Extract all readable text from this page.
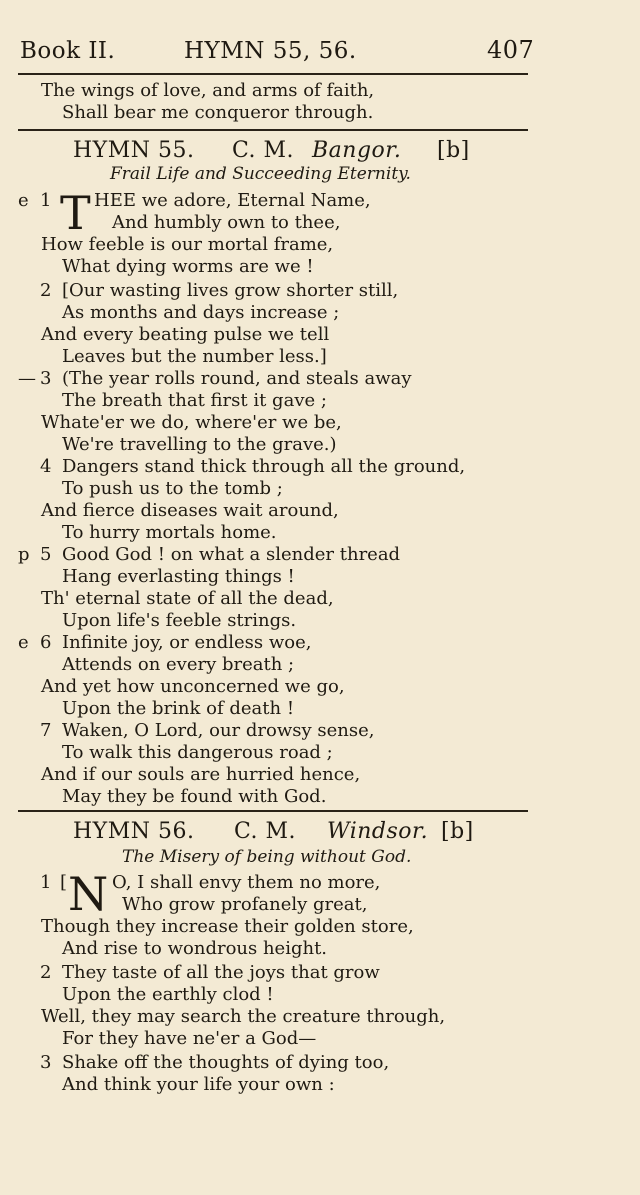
Book II.	HYMN 55, 56.	407
The wings of love, and arms of faith,
Shall bear me conqueror through.
HYMN 55. C. M. Bangor. [b]
Frail Life and Succeeding Eternity.
e 1 T HEE we adore, Eternal Name,
And humbly own to thee,
How feeble is our mortal frame,
What dying worms are we !
2 [Our wasting lives grow shorter still,
As months and days increase ;
And every beating pulse we tell
Leaves but the number less.]
— 3 (The year rolls round, and steals away
The breath that first it gave ;
Whate'er we do, where'er we be,
We're travelling to the grave.)
4 Dangers stand thick through all the ground,
To push us to the tomb ;
And fierce diseases wait around,
To hurry mortals home.
p 5 Good God ! on what a slender thread
Hang everlasting things !
Th' eternal state of all the dead,
Upon life's feeble strings.
e 6 Infinite joy, or endless woe,
Attends on every breath ;
And yet how unconcerned we go,
Upon the brink of death !
7 Waken, O Lord, our drowsy sense,
To walk this dangerous road ;
And if our souls are hurried hence,
May they be found with God.
HYMN 56. C. M. Windsor. [b]
The Misery of being without God.
1 [ N O, I shall envy them no more,
Who grow profanely great,
Though they increase their golden store,
And rise to wondrous height.
2 They taste of all the joys that grow
Upon the earthly clod !
Well, they may search the creature through,
For they have ne'er a God—
3 Shake off the thoughts of dying too,
And think your life your own :
